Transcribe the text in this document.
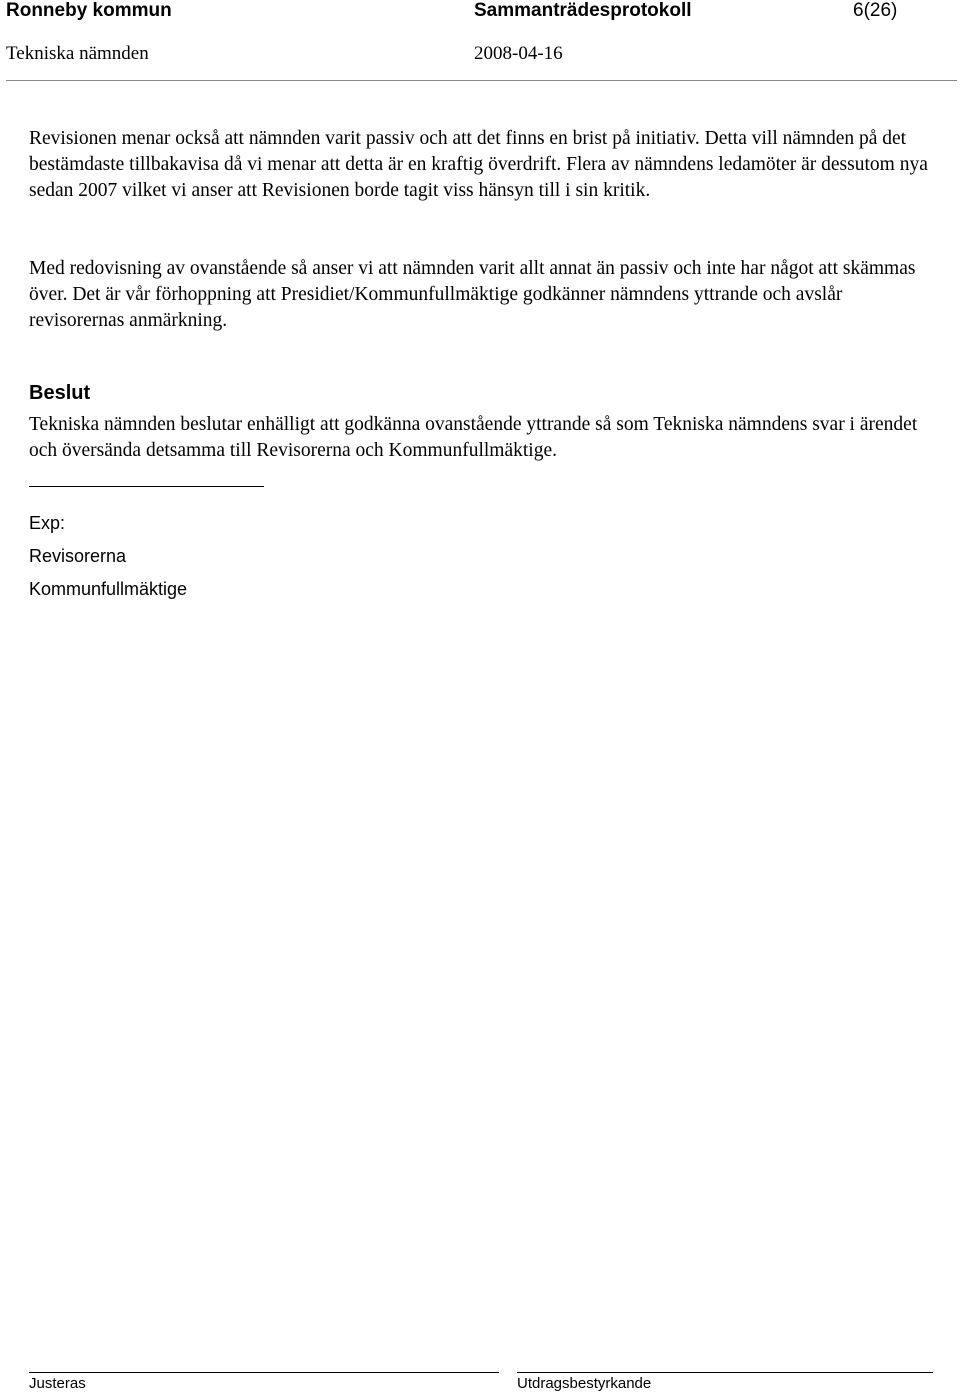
Ronneby kommun	Sammanträdesprotokoll	6(26)
Tekniska nämnden	2008-04-16

Revisionen menar också att nämnden varit passiv och att det finns en brist på initiativ. Detta vill nämnden på det bestämdaste tillbakavisa då vi menar att detta är en kraftig överdrift. Flera av nämndens ledamöter är dessutom nya sedan 2007 vilket vi anser att Revisionen borde tagit viss hänsyn till i sin kritik.

Med redovisning av ovanstående så anser vi att nämnden varit allt annat än passiv och inte har något att skämmas över. Det är vår förhoppning att Presidiet/Kommunfullmäktige godkänner nämndens yttrande och avslår revisorernas anmärkning.

Beslut

Tekniska nämnden beslutar enhälligt att godkänna ovanstående yttrande så som Tekniska nämndens svar i ärendet och översända detsamma till Revisorerna och Kommunfullmäktige.

Exp:
Revisorerna
Kommunfullmäktige
Justeras	Utdragsbestyrkande
